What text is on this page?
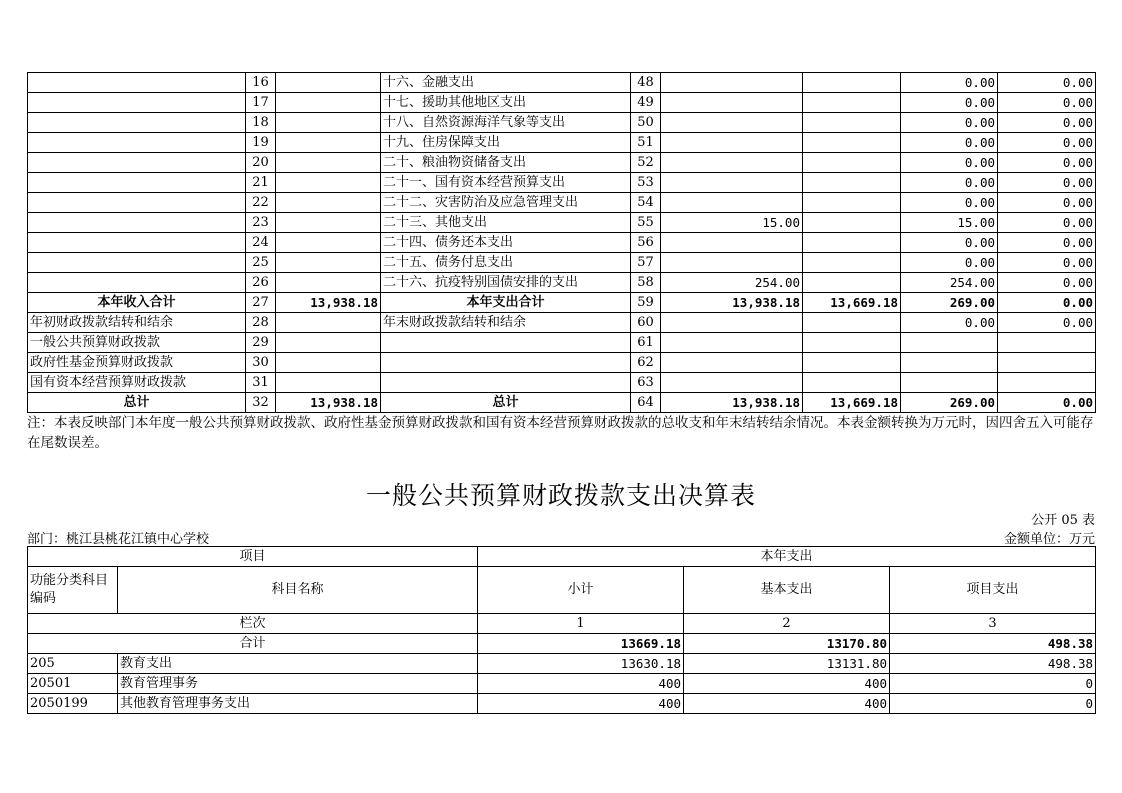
	16		十六、金融支出	48			0.00	0.00
	17		十七、援助其他地区支出	49			0.00	0.00
	18		十八、自然资源海洋气象等支出	50			0.00	0.00
	19		十九、住房保障支出	51			0.00	0.00
	20		二十、粮油物资储备支出	52			0.00	0.00
	21		二十一、国有资本经营预算支出	53			0.00	0.00
	22		二十二、灾害防治及应急管理支出	54			0.00	0.00
	23		二十三、其他支出	55	15.00		15.00	0.00
	24		二十四、债务还本支出	56			0.00	0.00
	25		二十五、债务付息支出	57			0.00	0.00
	26		二十六、抗疫特别国债安排的支出	58	254.00		254.00	0.00
本年收入合计	27	13,938.18	本年支出合计	59	13,938.18	13,669.18	269.00	0.00
年初财政拨款结转和结余	28		年末财政拨款结转和结余	60			0.00	0.00
一般公共预算财政拨款	29			61				
政府性基金预算财政拨款	30			62				
国有资本经营预算财政拨款	31			63				
总计	32	13,938.18	总计	64	13,938.18	13,669.18	269.00	0.00
注：本表反映部门本年度一般公共预算财政拨款、政府性基金预算财政拨款和国有资本经营预算财政拨款的总收支和年末结转结余情况。本表金额转换为万元时，因四舍五入可能存在尾数误差。
一般公共预算财政拨款支出决算表
公开 05 表
部门：桃江县桃花江镇中心学校	金额单位：万元
项目		本年支出		
功能分类科目编码	科目名称	小计	基本支出	项目支出
栏次		1	2	3
合计		13669.18	13170.80	498.38
205	教育支出	13630.18	13131.80	498.38
20501	教育管理事务	400	400	0
2050199	其他教育管理事务支出	400	400	0
